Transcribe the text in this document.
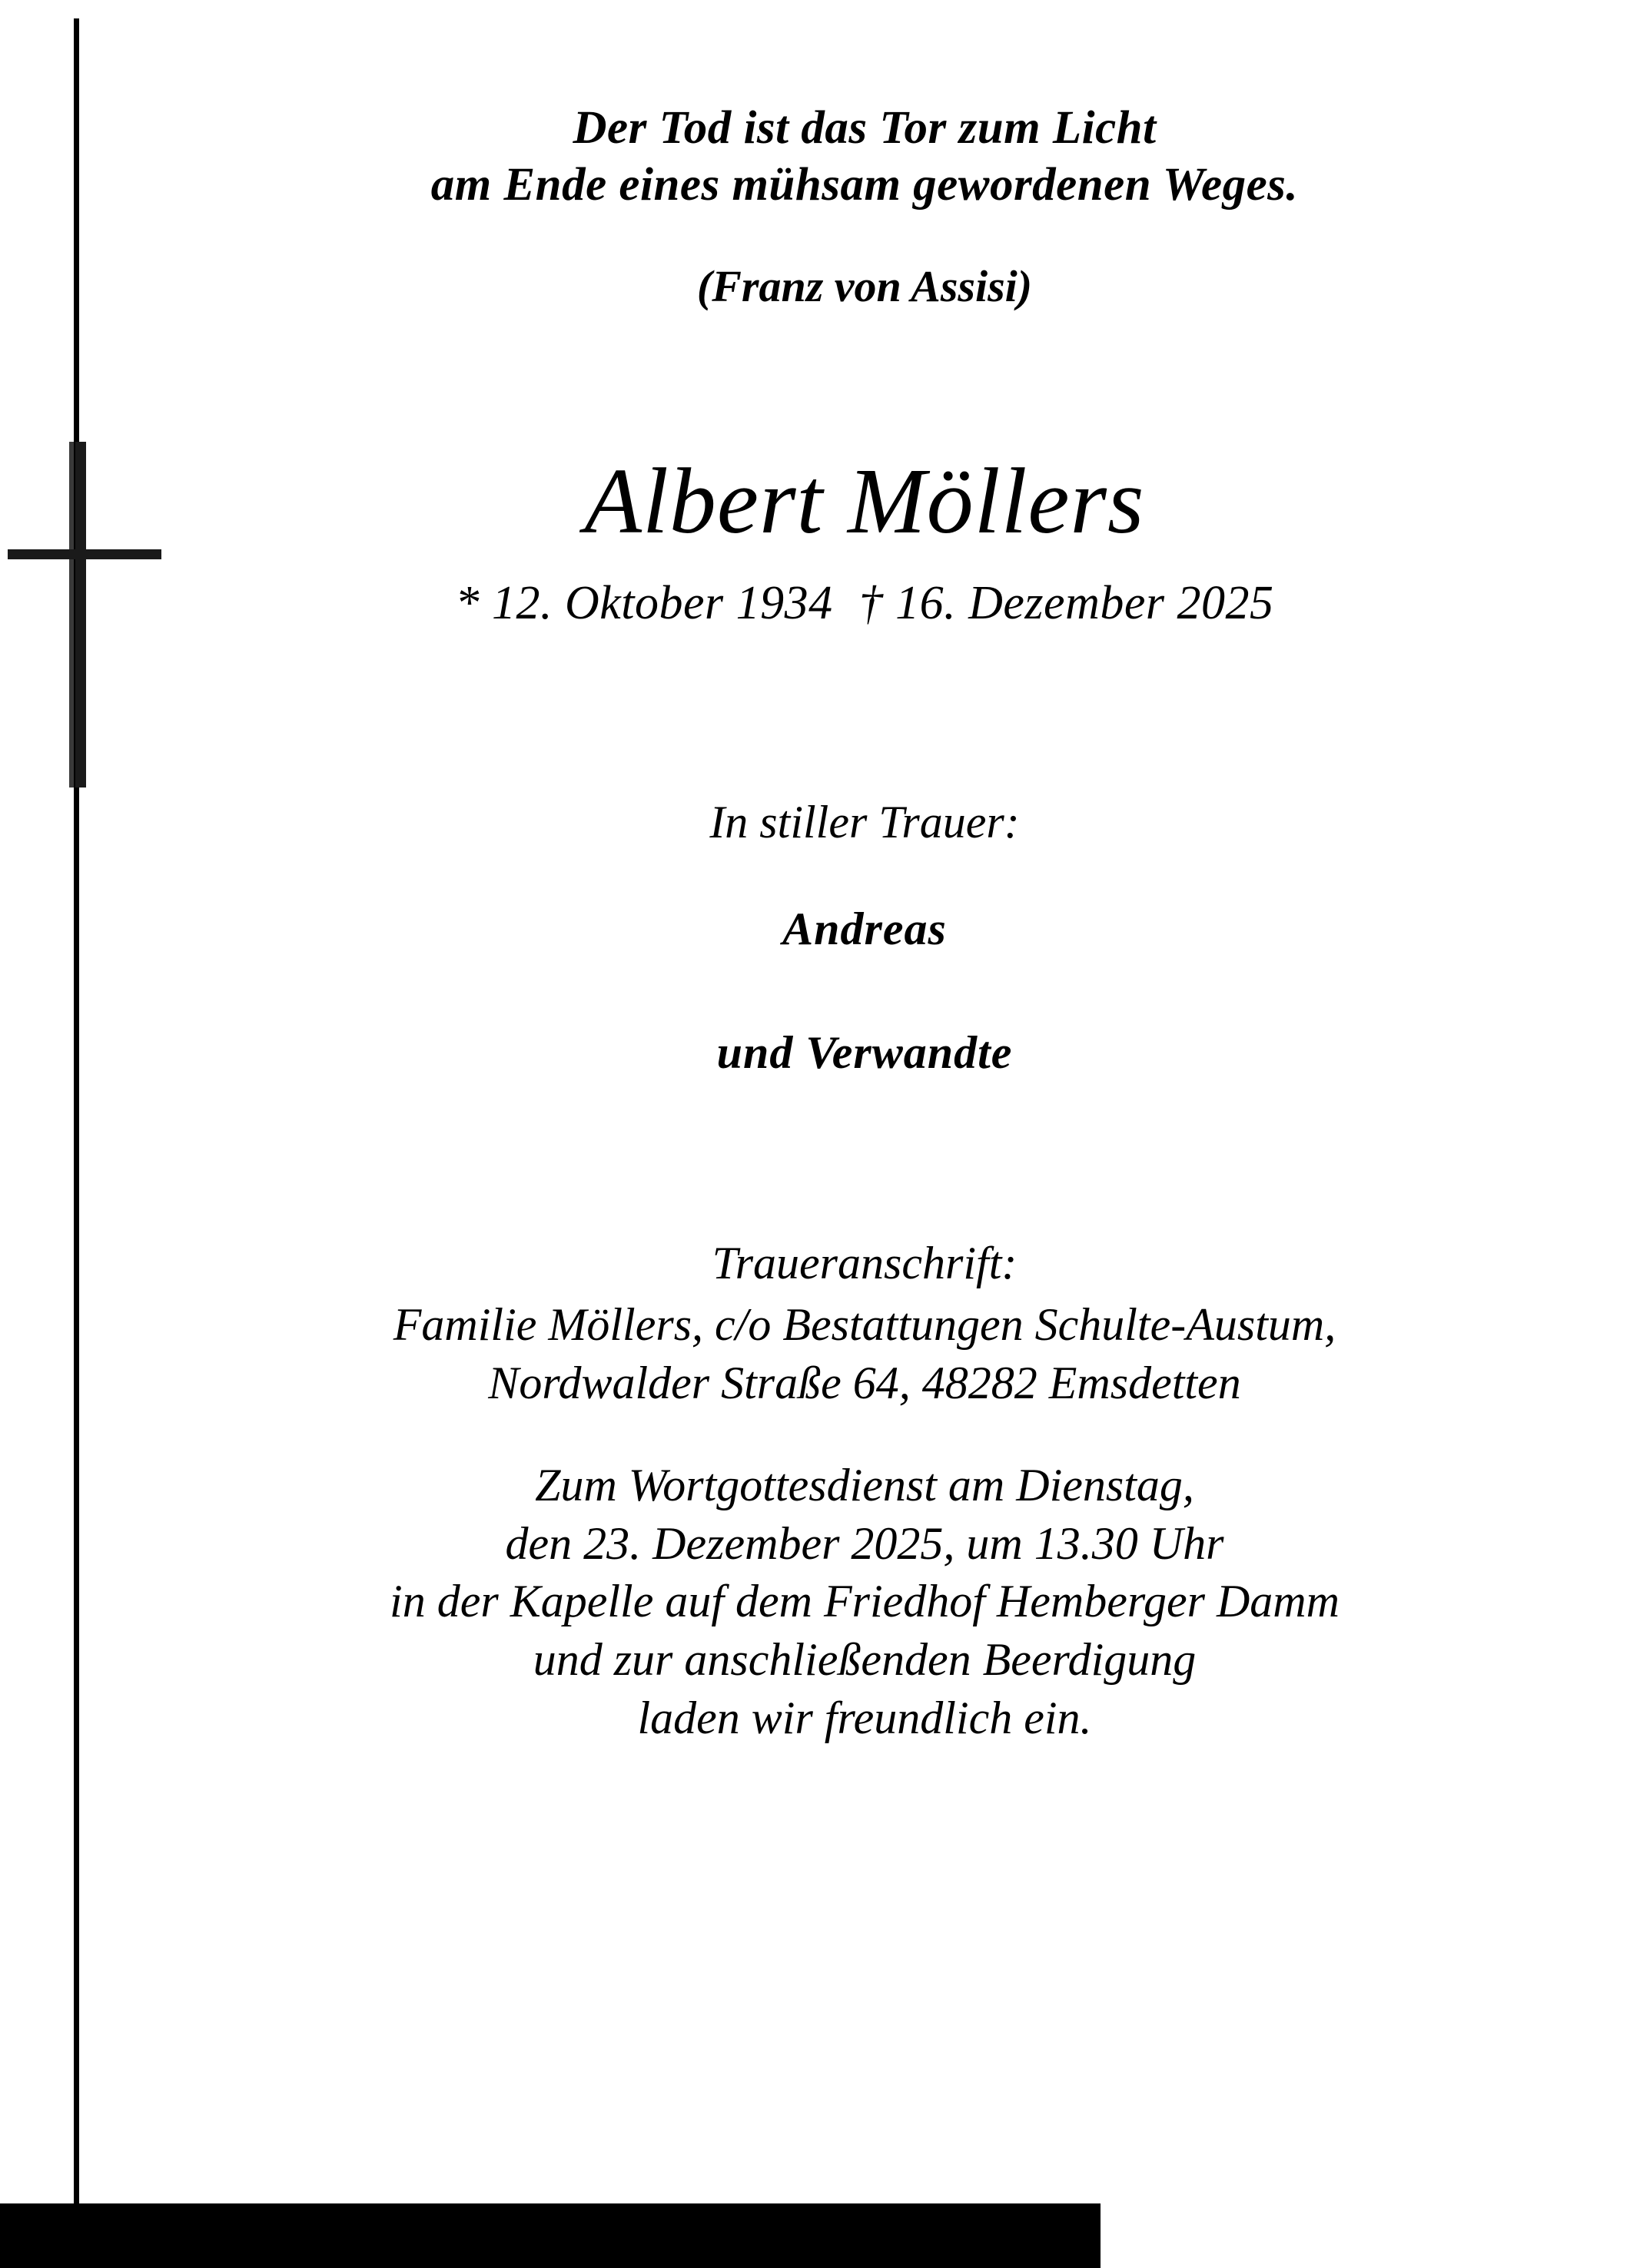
Der Tod ist das Tor zum Licht
am Ende eines mühsam gewordenen Weges.
(Franz von Assisi)
Albert Möllers
* 12. Oktober 1934 † 16. Dezember 2025
In stiller Trauer:
Andreas
und Verwandte
Traueranschrift:
Familie Möllers, c/o Bestattungen Schulte-Austum,
Nordwalder Straße 64, 48282 Emsdetten
Zum Wortgottesdienst am Dienstag,
den 23. Dezember 2025, um 13.30 Uhr
in der Kapelle auf dem Friedhof Hemberger Damm
und zur anschließenden Beerdigung
laden wir freundlich ein.
